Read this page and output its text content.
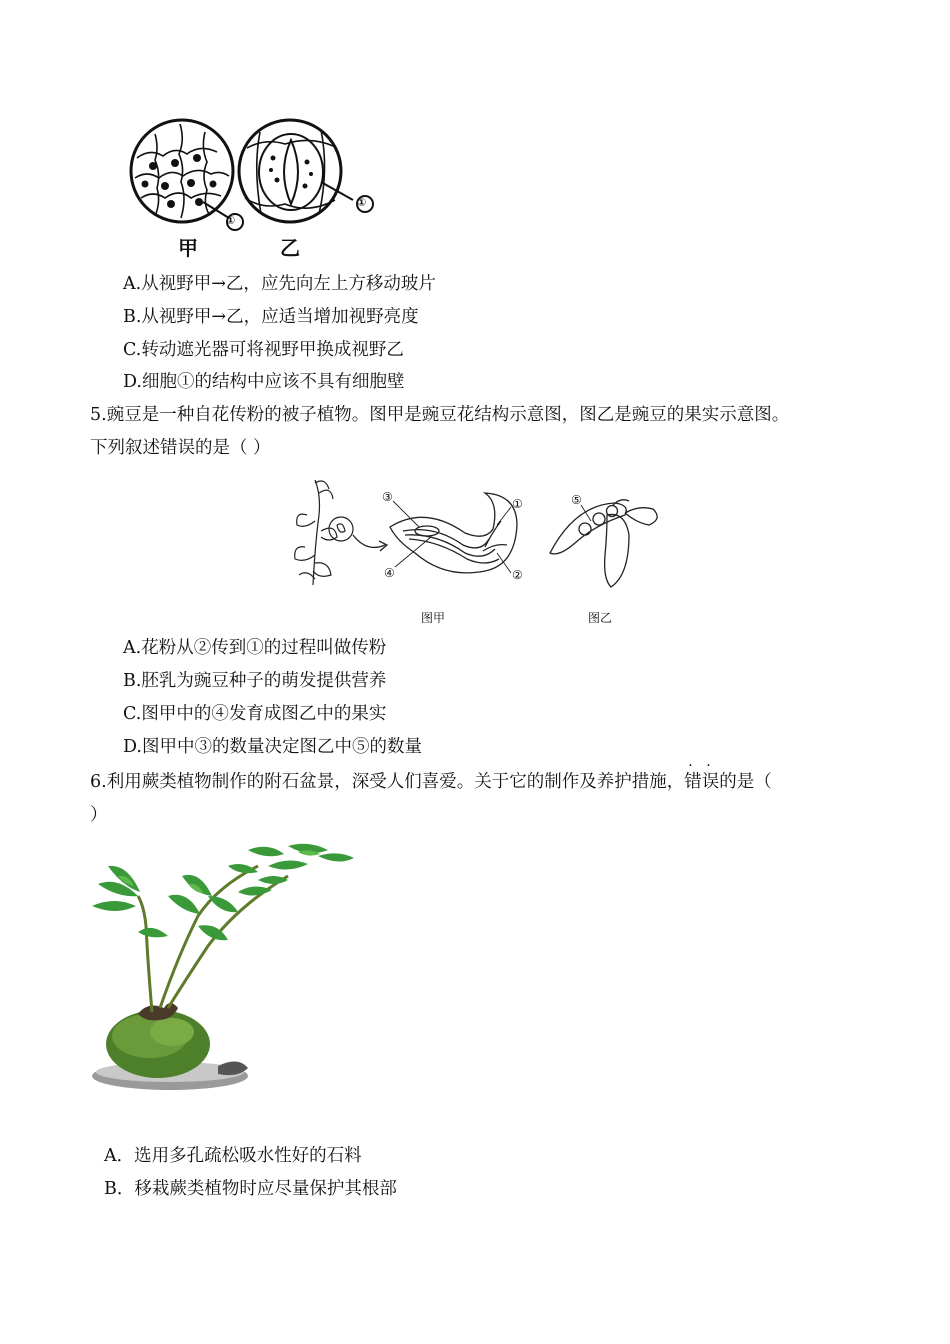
①
①
甲	乙
A.从视野甲→乙，应先向左上方移动玻片
B.从视野甲→乙，应适当增加视野亮度
C.转动遮光器可将视野甲换成视野乙
D.细胞①的结构中应该不具有细胞壁
5.豌豆是一种自花传粉的被子植物。图甲是豌豆花结构示意图，图乙是豌豆的果实示意图。
下列叙述错误的是（ ）
③
④
①
②
⑤
图甲	图乙
A.花粉从②传到①的过程叫做传粉
B.胚乳为豌豆种子的萌发提供营养
C.图甲中的④发育成图乙中的果实
D.图甲中③的数量决定图乙中⑤的数量
6.利用蕨类植物制作的附石盆景，深受人们喜爱。关于它的制作及养护措施，
· ·
错误的是（
）
A．选用多孔疏松吸水性好的石料
B．移栽蕨类植物时应尽量保护其根部
